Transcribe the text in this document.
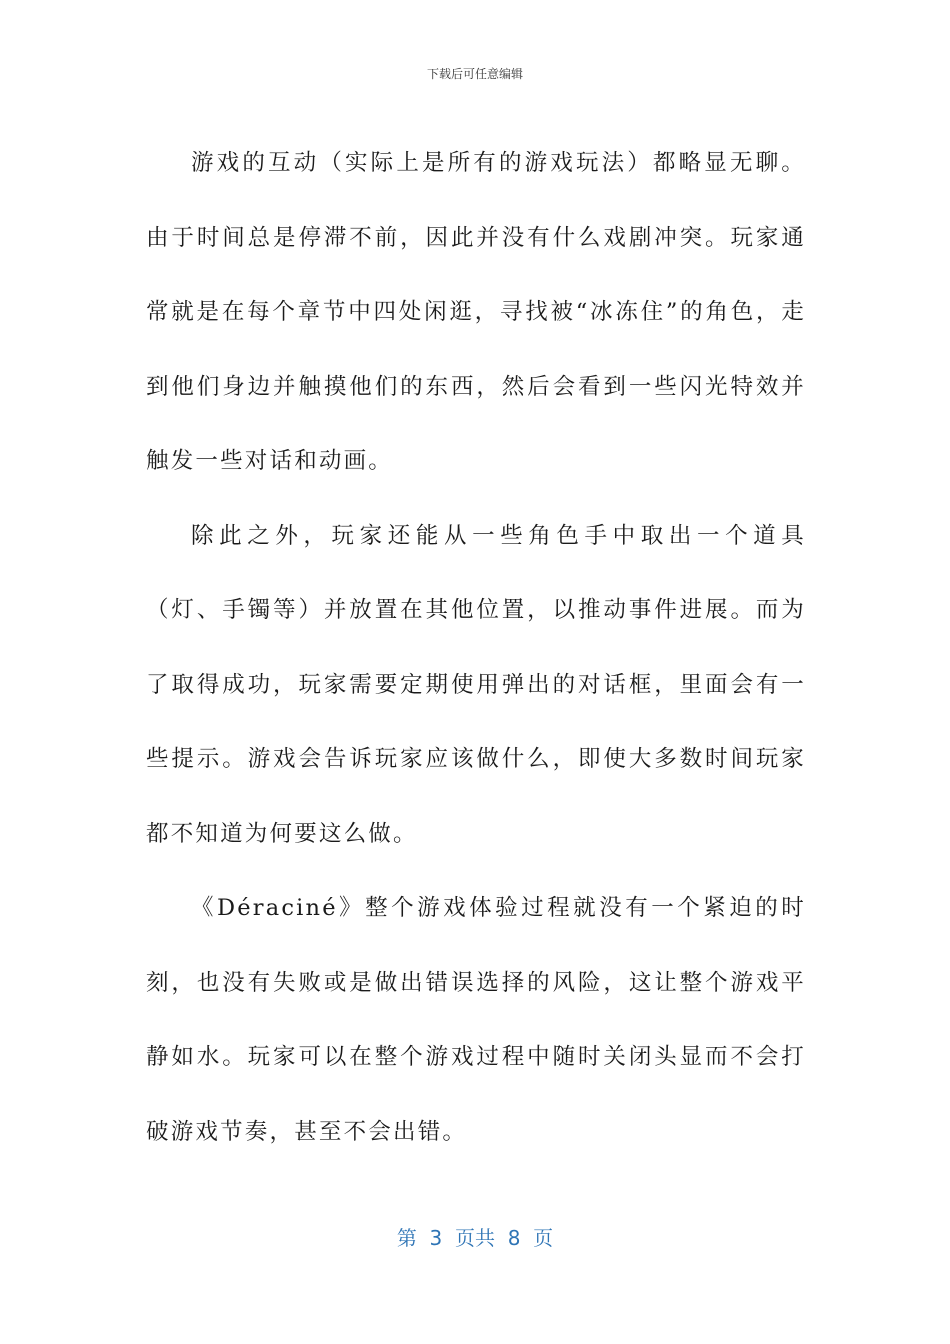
下载后可任意编辑

游戏的互动（实际上是所有的游戏玩法）都略显无聊。由于时间总是停滞不前，因此并没有什么戏剧冲突。玩家通常就是在每个章节中四处闲逛，寻找被“冰冻住”的角色，走到他们身边并触摸他们的东西，然后会看到一些闪光特效并触发一些对话和动画。

除此之外，玩家还能从一些角色手中取出一个道具（灯、手镯等）并放置在其他位置，以推动事件进展。而为了取得成功，玩家需要定期使用弹出的对话框，里面会有一些提示。游戏会告诉玩家应该做什么，即使大多数时间玩家都不知道为何要这么做。

《Déraciné》整个游戏体验过程就没有一个紧迫的时刻，也没有失败或是做出错误选择的风险，这让整个游戏平静如水。玩家可以在整个游戏过程中随时关闭头显而不会打破游戏节奏，甚至不会出错。

第  3  页共  8  页
